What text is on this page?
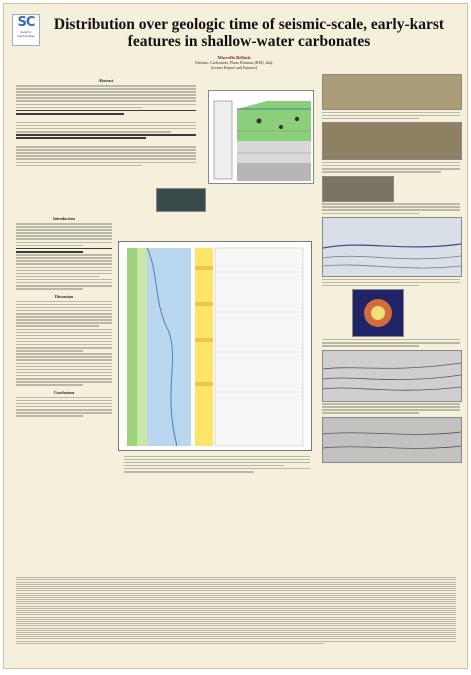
SC
Seismic
Carbonates
Distribution over geologic time of seismic-scale, early-karst features in shallow-water carbonates
Marcello Bellotti
(Seismic Carbonates, Plano Romano (RM), Italy
(former Repsol and Equinor)
Abstract
Introduction
Discussion
Conclusions
